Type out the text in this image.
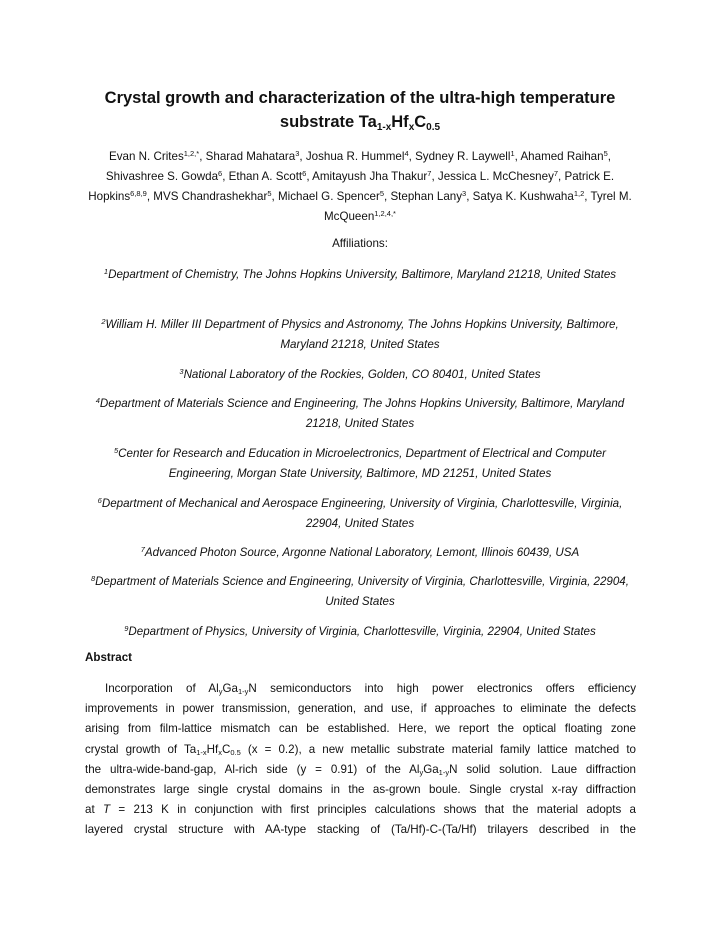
Crystal growth and characterization of the ultra-high temperature
substrate $Ta_{1-x}Hf_xC_{0.5}$
Evan N. Crites$^{1,2,*}$, Sharad Mahatara$^3$, Joshua R. Hummel$^4$, Sydney R. Laywell$^1$, Ahamed Raihan$^5$, Shivashree S. Gowda$^6$, Ethan A. Scott$^6$, Amitayush Jha Thakur$^7$, Jessica L. McChesney$^7$, Patrick E. Hopkins$^{6,8,9}$, MVS Chandrashekhar$^5$, Michael G. Spencer$^5$, Stephan Lany$^3$, Satya K. Kushwaha$^{1,2}$, Tyrel M. McQueen$^{1,2,4,*}$
Affiliations:
$^1$Department of Chemistry, The Johns Hopkins University, Baltimore, Maryland 21218, United States
$^2$William H. Miller III Department of Physics and Astronomy, The Johns Hopkins University, Baltimore, Maryland 21218, United States
$^3$National Laboratory of the Rockies, Golden, CO 80401, United States
$^4$Department of Materials Science and Engineering, The Johns Hopkins University, Baltimore, Maryland 21218, United States
$^5$Center for Research and Education in Microelectronics, Department of Electrical and Computer Engineering, Morgan State University, Baltimore, MD 21251, United States
$^6$Department of Mechanical and Aerospace Engineering, University of Virginia, Charlottesville, Virginia, 22904, United States
$^7$Advanced Photon Source, Argonne National Laboratory, Lemont, Illinois 60439, USA
$^8$Department of Materials Science and Engineering, University of Virginia, Charlottesville, Virginia, 22904, United States
$^9$Department of Physics, University of Virginia, Charlottesville, Virginia, 22904, United States
Abstract
Incorporation of $Al_yGa_{1-y}N$ semiconductors into high power electronics offers efficiency
improvements in power transmission, generation, and use, if approaches to eliminate the defects
arising from film-lattice mismatch can be established. Here, we report the optical floating zone
crystal growth of $Ta_{1-x}Hf_xC_{0.5}$ (x = 0.2), a new metallic substrate material family lattice matched to
the ultra-wide-band-gap, Al-rich side (y = 0.91) of the $Al_yGa_{1-y}N$ solid solution. Laue diffraction
demonstrates large single crystal domains in the as-grown boule. Single crystal x-ray diffraction
at T = 213 K in conjunction with first principles calculations shows that the material adopts a
layered crystal structure with AA-type stacking of (Ta/Hf)-C-(Ta/Hf) trilayers described in the
